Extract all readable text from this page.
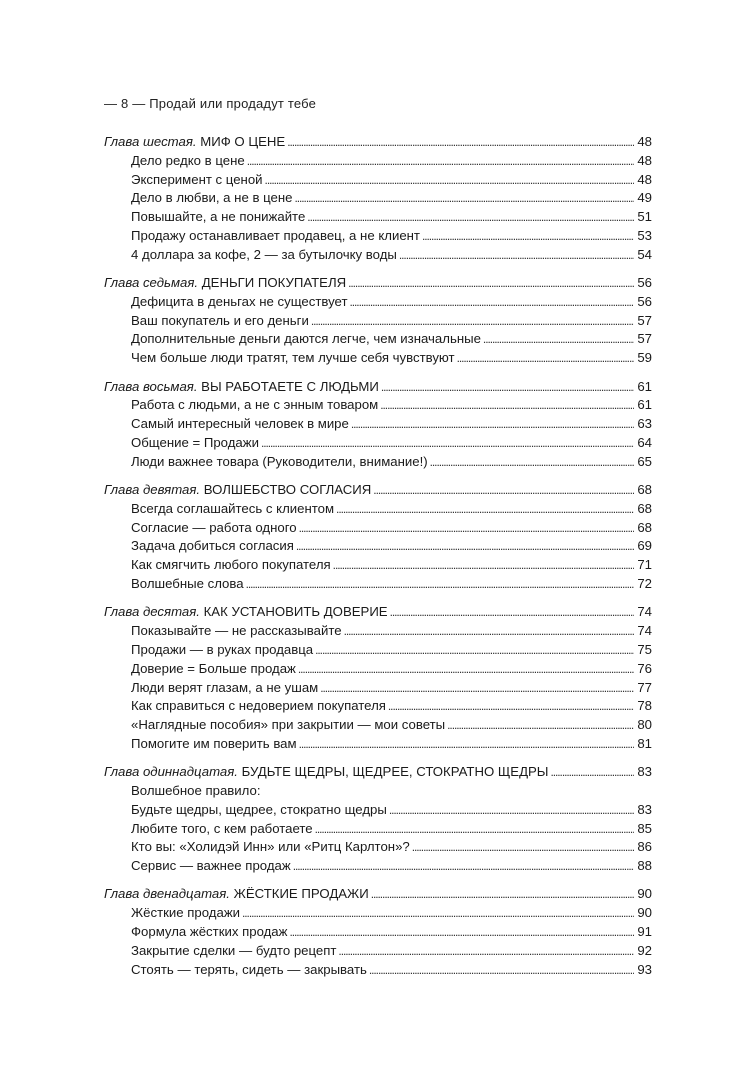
— 8 — Продай или продадут тебе
Глава шестая. МИФ О ЦЕНЕ . . .	48
Дело редко в цене . . .	48
Эксперимент с ценой . . .	48
Дело в любви, а не в цене . . .	49
Повышайте, а не понижайте . . .	51
Продажу останавливает продавец, а не клиент . . .	53
4 доллара за кофе, 2 — за бутылочку воды . . .	54
Глава седьмая. ДЕНЬГИ ПОКУПАТЕЛЯ . . .	56
Дефицита в деньгах не существует . . .	56
Ваш покупатель и его деньги . . .	57
Дополнительные деньги даются легче, чем изначальные . . .	57
Чем больше люди тратят, тем лучше себя чувствуют . . .	59
Глава восьмая. ВЫ РАБОТАЕТЕ С ЛЮДЬМИ . . .	61
Работа с людьми, а не с энным товаром . . .	61
Самый интересный человек в мире . . .	63
Общение = Продажи . . .	64
Люди важнее товара (Руководители, внимание!) . . .	65
Глава девятая. ВОЛШЕБСТВО СОГЛАСИЯ . . .	68
Всегда соглашайтесь с клиентом . . .	68
Согласие — работа одного . . .	68
Задача добиться согласия . . .	69
Как смягчить любого покупателя . . .	71
Волшебные слова . . .	72
Глава десятая. КАК УСТАНОВИТЬ ДОВЕРИЕ . . .	74
Показывайте — не рассказывайте . . .	74
Продажи — в руках продавца . . .	75
Доверие = Больше продаж . . .	76
Люди верят глазам, а не ушам . . .	77
Как справиться с недоверием покупателя . . .	78
«Наглядные пособия» при закрытии — мои советы . . .	80
Помогите им поверить вам . . .	81
Глава одиннадцатая. БУДЬТЕ ЩЕДРЫ, ЩЕДРЕЕ, СТОКРАТНО ЩЕДРЫ . . .	83
Волшебное правило:
Будьте щедры, щедрее, стократно щедры . . .	83
Любите того, с кем работаете . . .	85
Кто вы: «Холидэй Инн» или «Ритц Карлтон»? . . .	86
Сервис — важнее продаж . . .	88
Глава двенадцатая. ЖЁСТКИЕ ПРОДАЖИ . . .	90
Жёсткие продажи . . .	90
Формула жёстких продаж . . .	91
Закрытие сделки — будто рецепт . . .	92
Стоять — терять, сидеть — закрывать . . .	93
